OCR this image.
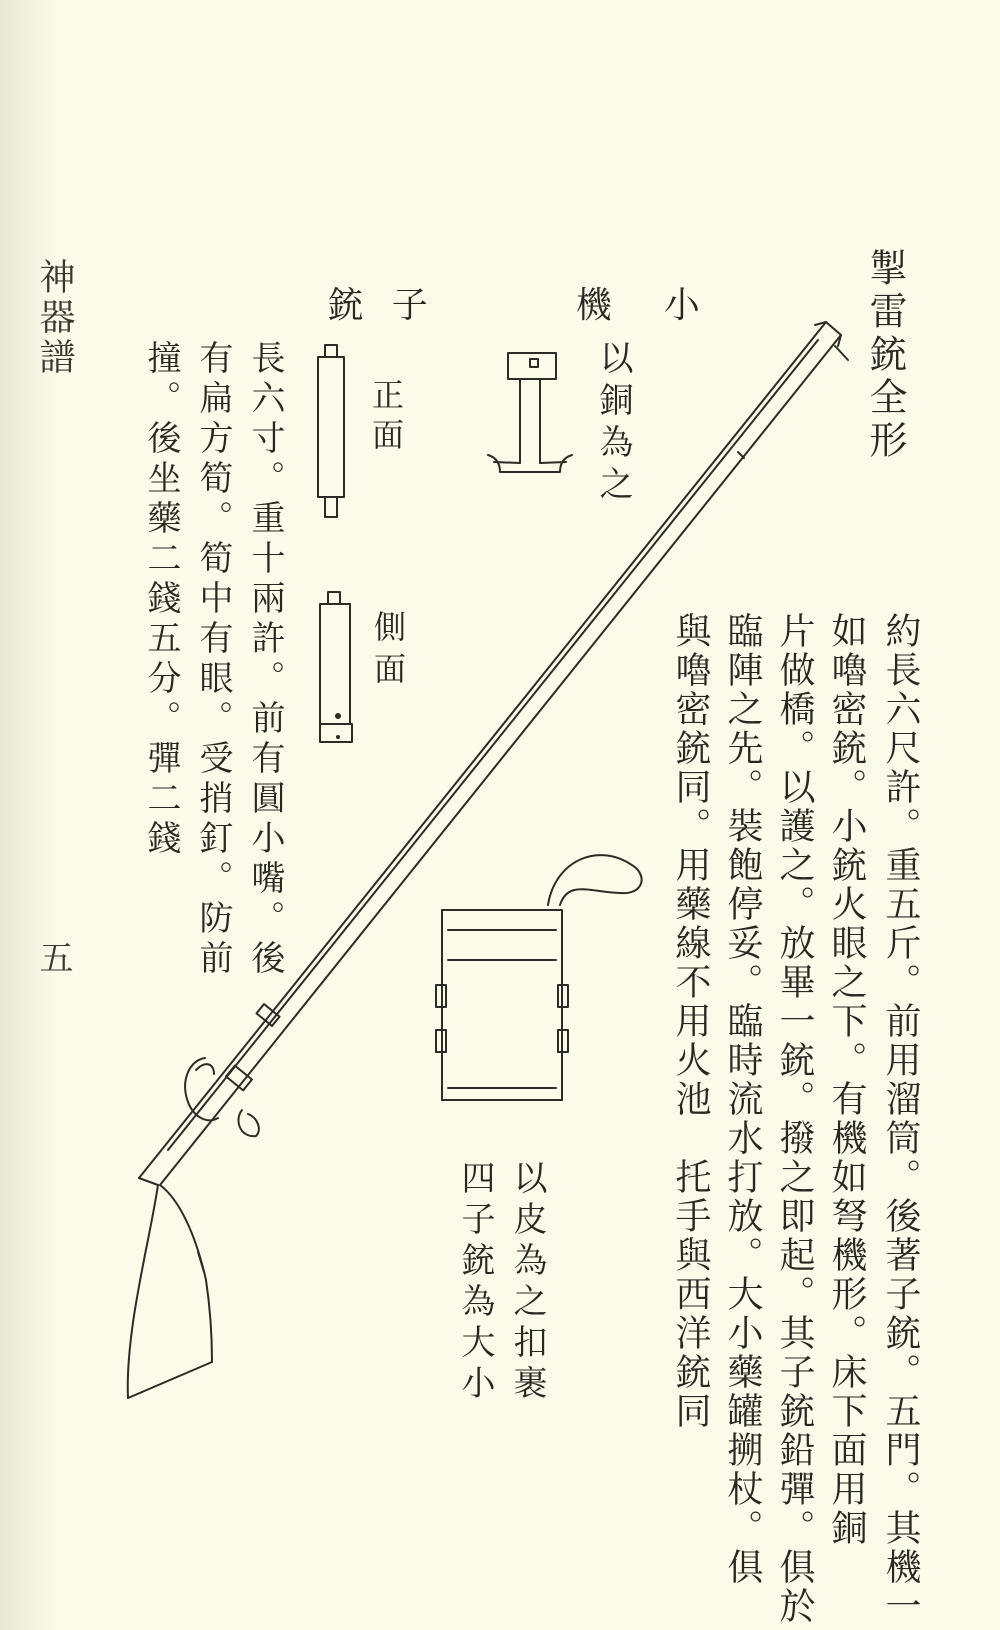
神器譜
五
掣雷銃全形
約長六尺許。重五斤。前用溜筒。後著子銃。五門。其機一
如嚕密銃。小銃火眼之下。有機如弩機形。床下面用銅
片做橋。以護之。放畢一銃。撥之即起。其子銃鉛彈。俱於
臨陣之先。裝飽停妥。臨時流水打放。大小藥罐搠杖。俱
與嚕密銃同。用藥線不用火池　托手與西洋銃同

小機

子銃

以銅為之
正面
側面
長六寸。重十兩許。前有圓小嘴。後
有扁方筍。筍中有眼。受捎釘。防前
撞。後坐藥二錢五分。彈二錢
以皮為之扣裹
四子銃為大小
